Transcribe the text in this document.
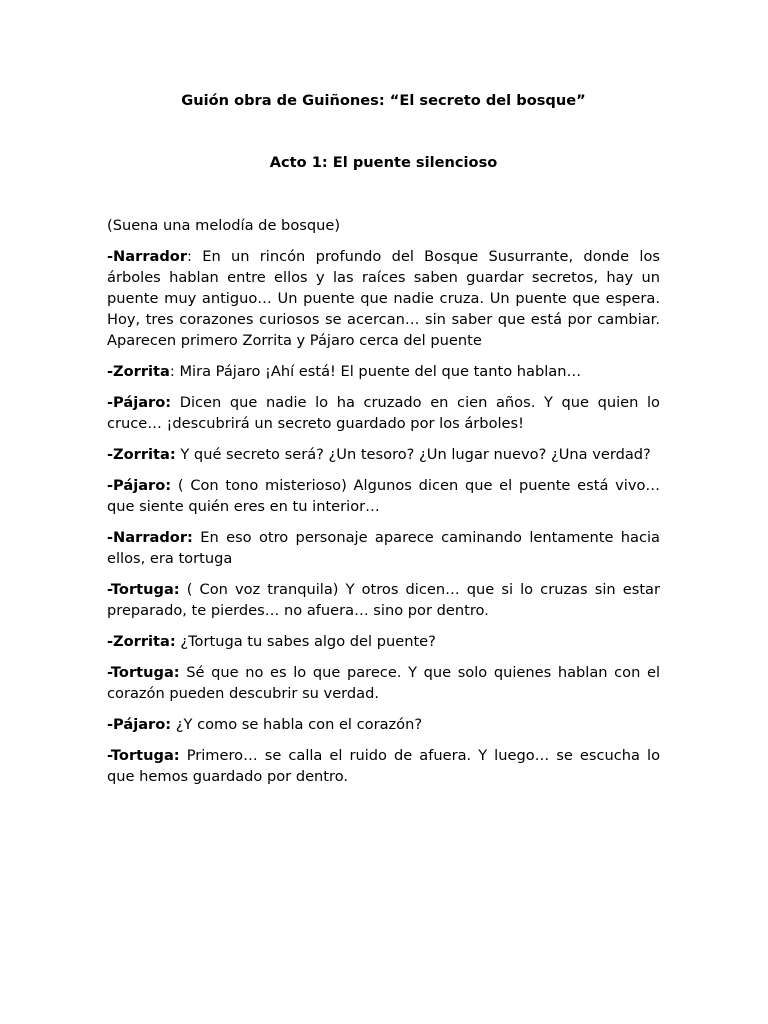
Guión obra de Guiñones: “El secreto del bosque”

Acto 1: El puente silencioso

(Suena una melodía de bosque)

-Narrador: En un rincón profundo del Bosque Susurrante, donde los árboles hablan entre ellos y las raíces saben guardar secretos, hay un puente muy antiguo… Un puente que nadie cruza. Un puente que espera. Hoy, tres corazones curiosos se acercan… sin saber que está por cambiar. Aparecen primero Zorrita y Pájaro cerca del puente

-Zorrita: Mira Pájaro ¡Ahí está! El puente del que tanto hablan…

-Pájaro: Dicen que nadie lo ha cruzado en cien años. Y que quien lo cruce… ¡descubrirá un secreto guardado por los árboles!

-Zorrita: Y qué secreto será? ¿Un tesoro? ¿Un lugar nuevo? ¿Una verdad?

-Pájaro: ( Con tono misterioso) Algunos dicen que el puente está vivo… que siente quién eres en tu interior…

-Narrador: En eso otro personaje aparece caminando lentamente hacia ellos, era tortuga

-Tortuga: ( Con voz tranquila) Y otros dicen… que si lo cruzas sin estar preparado, te pierdes… no afuera… sino por dentro.

-Zorrita: ¿Tortuga tu sabes algo del puente?

-Tortuga: Sé que no es lo que parece. Y que solo quienes hablan con el corazón pueden descubrir su verdad.

-Pájaro: ¿Y como se habla con el corazón?

-Tortuga: Primero… se calla el ruido de afuera. Y luego… se escucha lo que hemos guardado por dentro.
